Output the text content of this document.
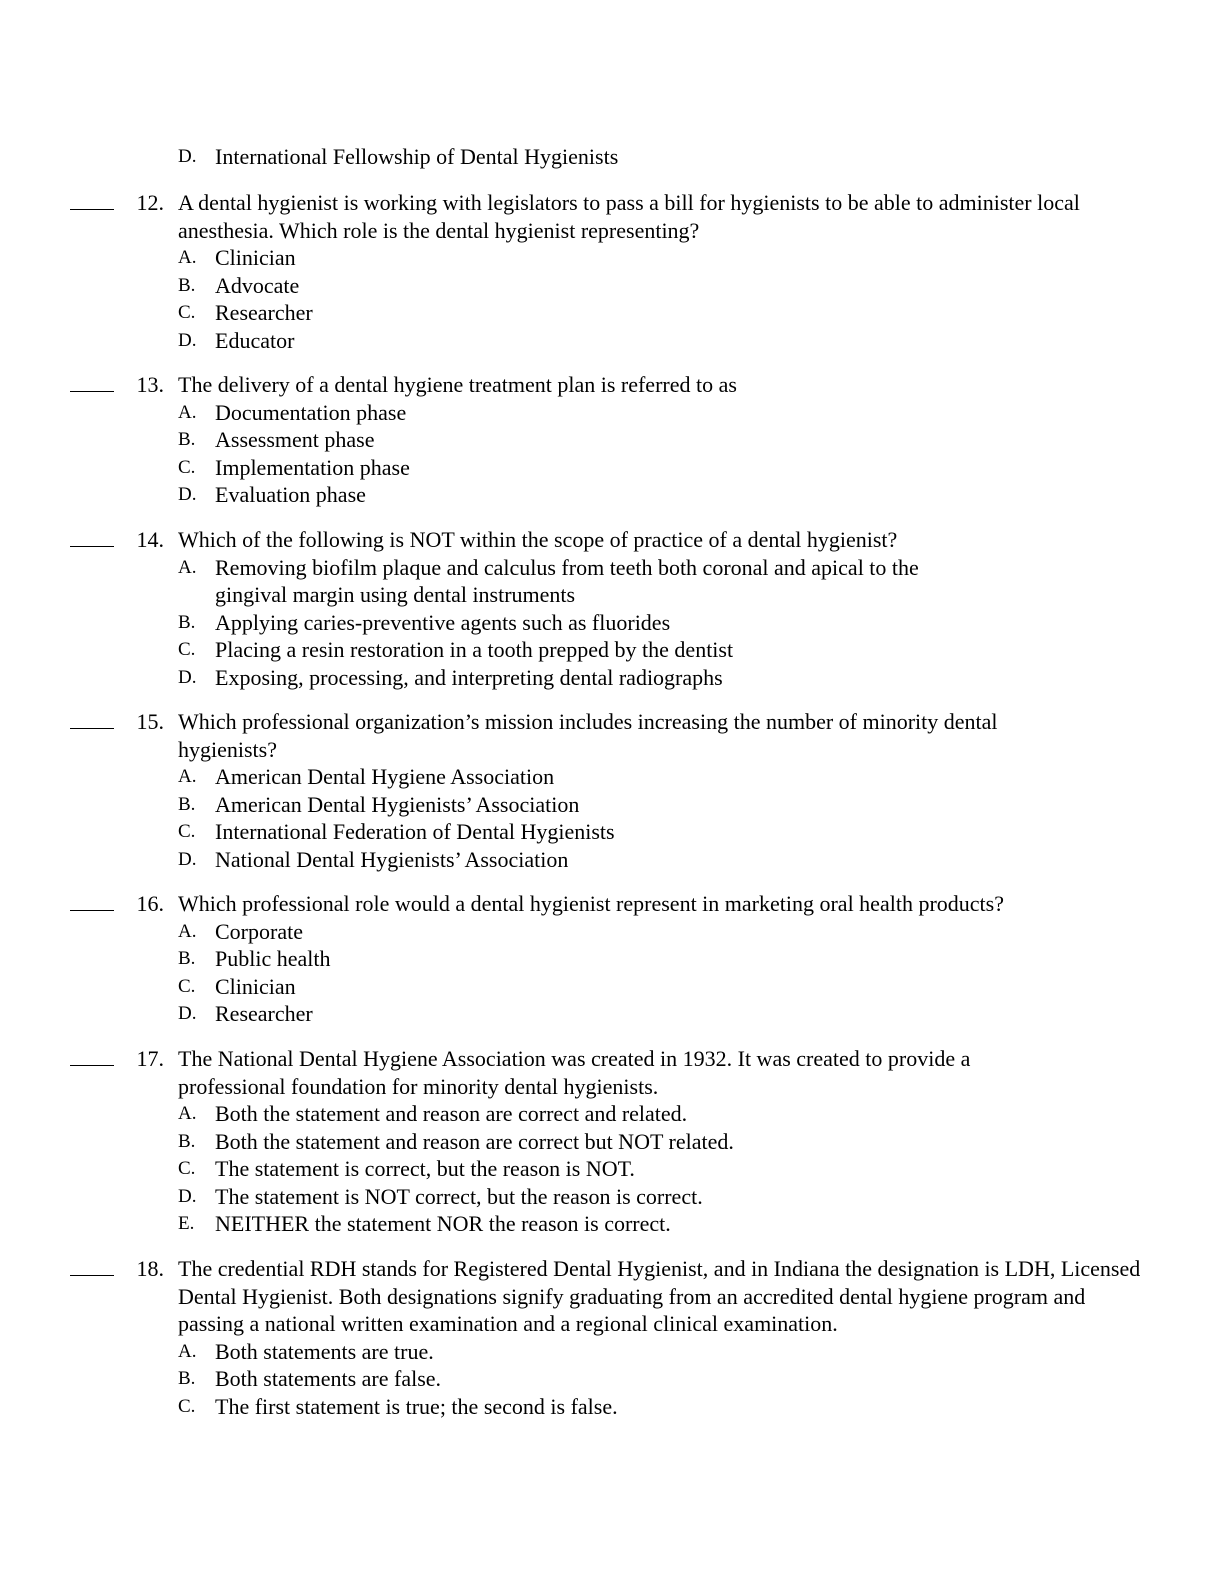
D. International Fellowship of Dental Hygienists
12. A dental hygienist is working with legislators to pass a bill for hygienists to be able to administer local anesthesia. Which role is the dental hygienist representing?
A. Clinician
B. Advocate
C. Researcher
D. Educator
13. The delivery of a dental hygiene treatment plan is referred to as
A. Documentation phase
B. Assessment phase
C. Implementation phase
D. Evaluation phase
14. Which of the following is NOT within the scope of practice of a dental hygienist?
A. Removing biofilm plaque and calculus from teeth both coronal and apical to the gingival margin using dental instruments
B. Applying caries-preventive agents such as fluorides
C. Placing a resin restoration in a tooth prepped by the dentist
D. Exposing, processing, and interpreting dental radiographs
15. Which professional organization’s mission includes increasing the number of minority dental hygienists?
A. American Dental Hygiene Association
B. American Dental Hygienists’ Association
C. International Federation of Dental Hygienists
D. National Dental Hygienists’ Association
16. Which professional role would a dental hygienist represent in marketing oral health products?
A. Corporate
B. Public health
C. Clinician
D. Researcher
17. The National Dental Hygiene Association was created in 1932. It was created to provide a professional foundation for minority dental hygienists.
A. Both the statement and reason are correct and related.
B. Both the statement and reason are correct but NOT related.
C. The statement is correct, but the reason is NOT.
D. The statement is NOT correct, but the reason is correct.
E. NEITHER the statement NOR the reason is correct.
18. The credential RDH stands for Registered Dental Hygienist, and in Indiana the designation is LDH, Licensed Dental Hygienist. Both designations signify graduating from an accredited dental hygiene program and passing a national written examination and a regional clinical examination.
A. Both statements are true.
B. Both statements are false.
C. The first statement is true; the second is false.
